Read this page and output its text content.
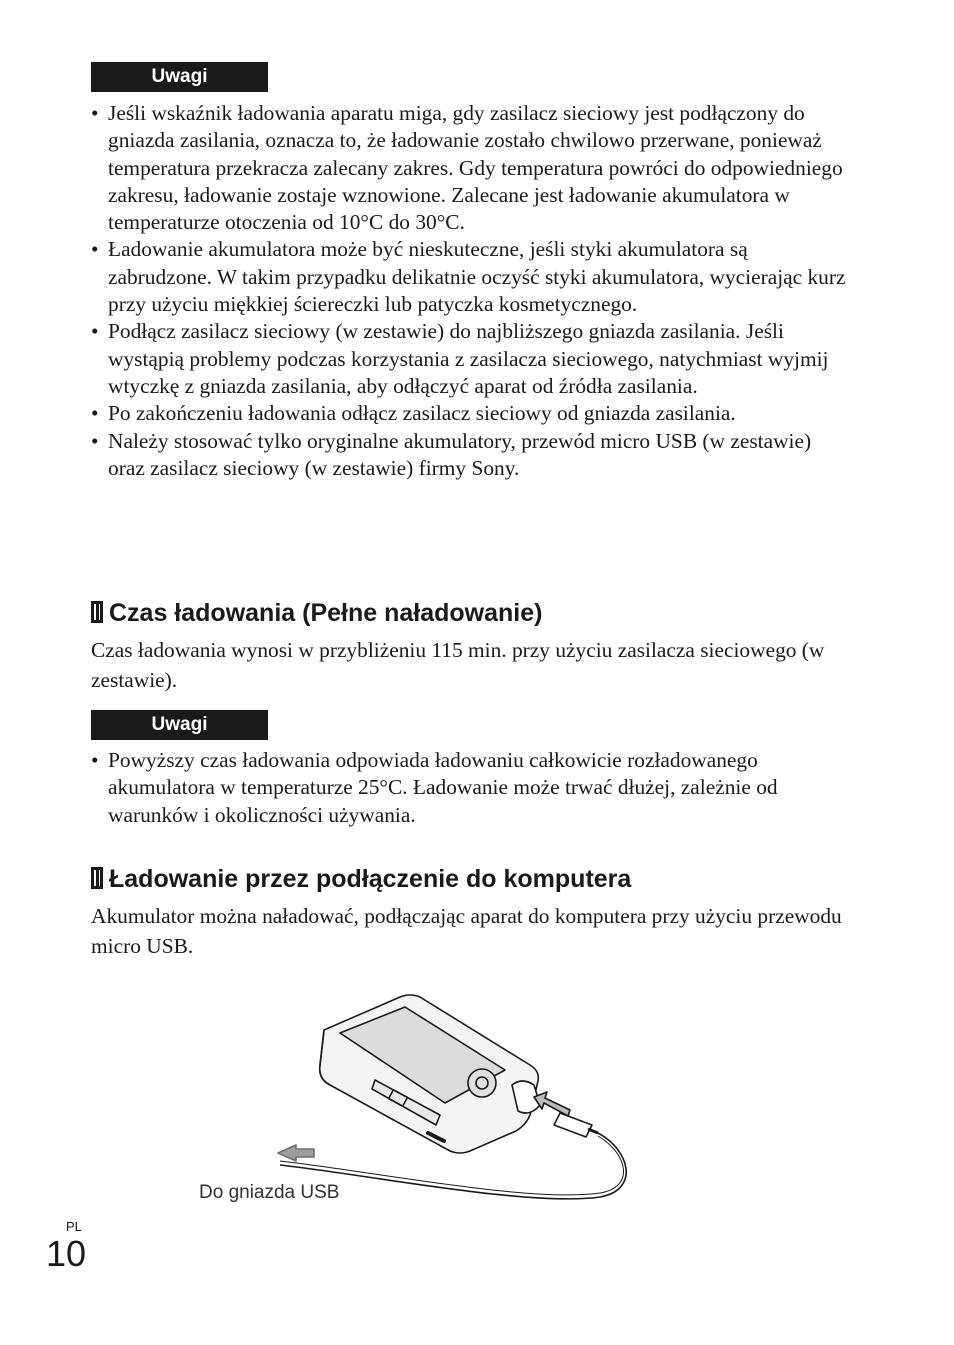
Uwagi
• Jeśli wskaźnik ładowania aparatu miga, gdy zasilacz sieciowy jest podłączony do gniazda zasilania, oznacza to, że ładowanie zostało chwilowo przerwane, ponieważ temperatura przekracza zalecany zakres. Gdy temperatura powróci do odpowiedniego zakresu, ładowanie zostaje wznowione. Zalecane jest ładowanie akumulatora w temperaturze otoczenia od 10°C do 30°C.
• Ładowanie akumulatora może być nieskuteczne, jeśli styki akumulatora są zabrudzone. W takim przypadku delikatnie oczyść styki akumulatora, wycierając kurz przy użyciu miękkiej ściereczki lub patyczka kosmetycznego.
• Podłącz zasilacz sieciowy (w zestawie) do najbliższego gniazda zasilania. Jeśli wystąpią problemy podczas korzystania z zasilacza sieciowego, natychmiast wyjmij wtyczkę z gniazda zasilania, aby odłączyć aparat od źródła zasilania.
• Po zakończeniu ładowania odłącz zasilacz sieciowy od gniazda zasilania.
• Należy stosować tylko oryginalne akumulatory, przewód micro USB (w zestawie) oraz zasilacz sieciowy (w zestawie) firmy Sony.
Czas ładowania (Pełne naładowanie)

Czas ładowania wynosi w przybliżeniu 115 min. przy użyciu zasilacza sieciowego (w zestawie).

Uwagi
• Powyższy czas ładowania odpowiada ładowaniu całkowicie rozładowanego akumulatora w temperaturze 25°C. Ładowanie może trwać dłużej, zależnie od warunków i okoliczności używania.
Ładowanie przez podłączenie do komputera

Akumulator można naładować, podłączając aparat do komputera przy użyciu przewodu micro USB.

Do gniazda USB
PL
10
